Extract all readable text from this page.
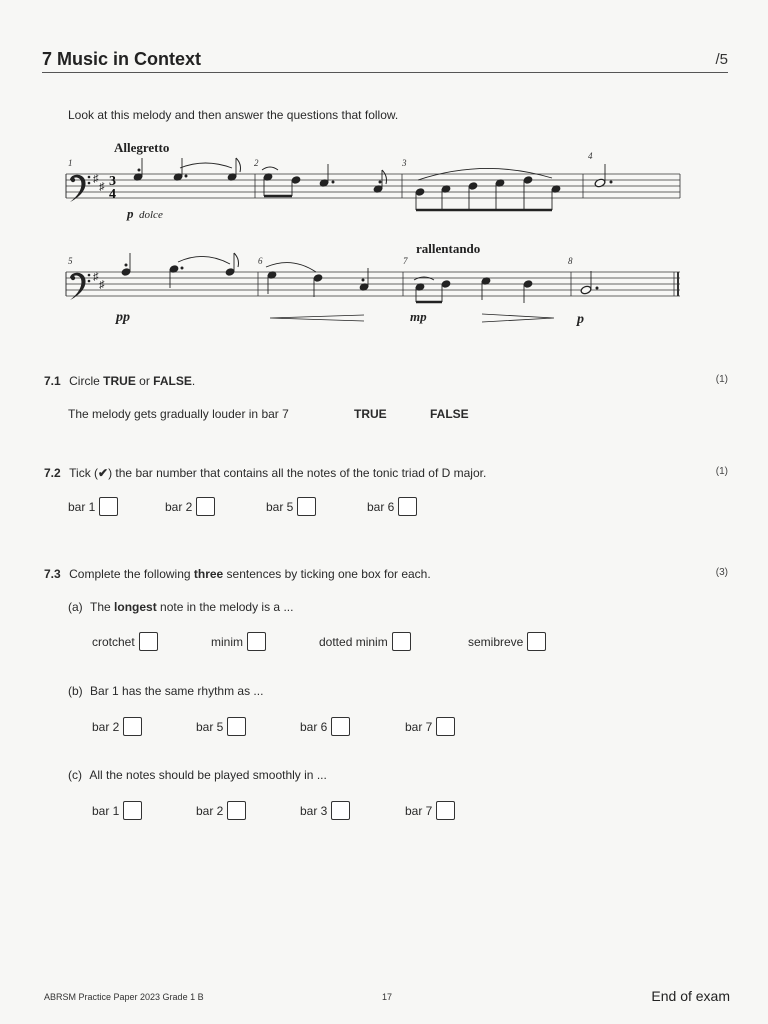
7 Music in Context	/5
Look at this melody and then answer the questions that follow.
Allegretto
♯
♯ 3
4
1	2	3
4
p dolce
rallentando
♯
♯
5	6	7	8
pp	mp	p
7.1 Circle TRUE or FALSE.	(1)
The melody gets gradually louder in bar 7	TRUE	FALSE
7.2 Tick (✔) the bar number that contains all the notes of the tonic triad of D major.	(1)
bar 1	bar 2	bar 5	bar 6
7.3 Complete the following three sentences by ticking one box for each.	(3)
(a) The longest note in the melody is a ...
crotchet	minim	dotted minim	semibreve
(b) Bar 1 has the same rhythm as ...
bar 2	bar 5	bar 6	bar 7
(c) All the notes should be played smoothly in ...
bar 1	bar 2	bar 3	bar 7
ABRSM Practice Paper 2023 Grade 1 B	17	End of exam
